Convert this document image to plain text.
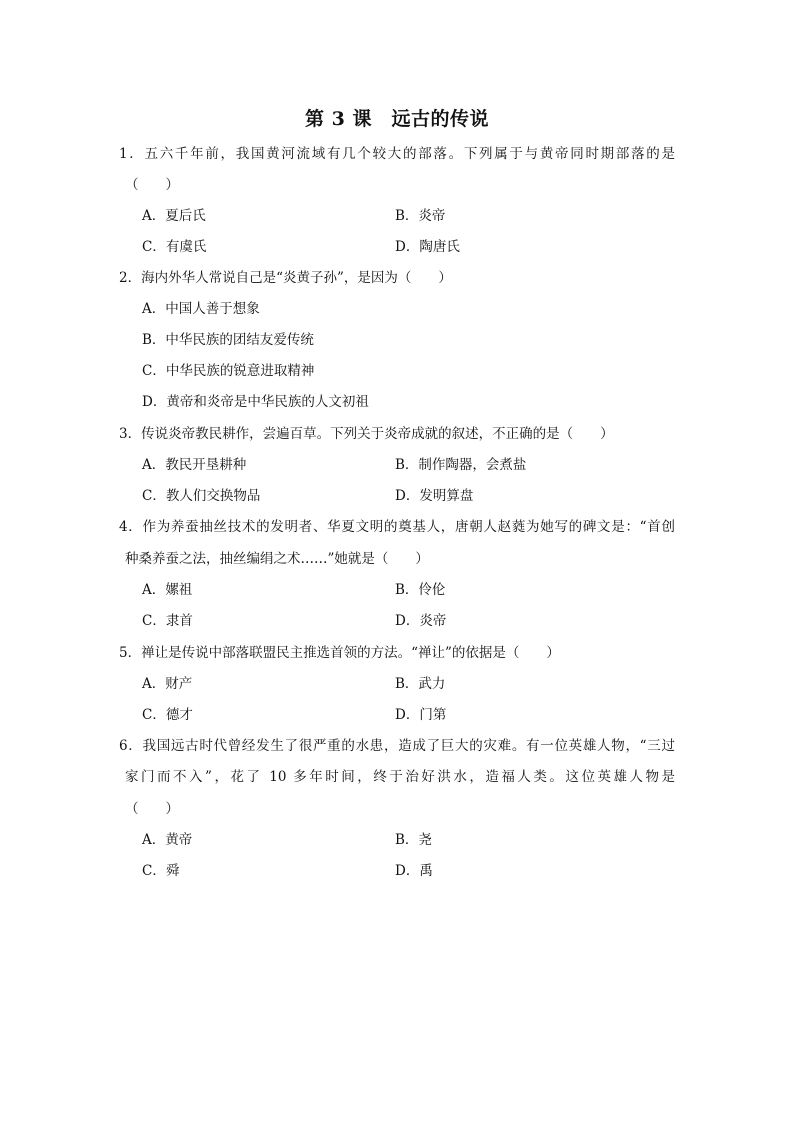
第 3 课　远古的传说
1．五六千年前，我国黄河流域有几个较大的部落。下列属于与黄帝同时期部落的是
（　　）
A．夏后氏	B．炎帝
C．有虞氏	D．陶唐氏
2．海内外华人常说自己是“炎黄子孙”，是因为（　　）
A．中国人善于想象
B．中华民族的团结友爱传统
C．中华民族的锐意进取精神
D．黄帝和炎帝是中华民族的人文初祖
3．传说炎帝教民耕作，尝遍百草。下列关于炎帝成就的叙述，不正确的是（　　）
A．教民开垦耕种	B．制作陶器，会煮盐
C．教人们交换物品	D．发明算盘
4．作为养蚕抽丝技术的发明者、华夏文明的奠基人，唐朝人赵蕤为她写的碑文是：“首创
种桑养蚕之法，抽丝编绢之术……”她就是（　　）
A．嫘祖	B．伶伦
C．隶首	D．炎帝
5．禅让是传说中部落联盟民主推选首领的方法。“禅让”的依据是（　　）
A．财产	B．武力
C．德才	D．门第
6．我国远古时代曾经发生了很严重的水患，造成了巨大的灾难。有一位英雄人物，“三过
家门而不入”，花了 10 多年时间，终于治好洪水，造福人类。这位英雄人物是
（　　）
A．黄帝	B．尧
C．舜	D．禹
